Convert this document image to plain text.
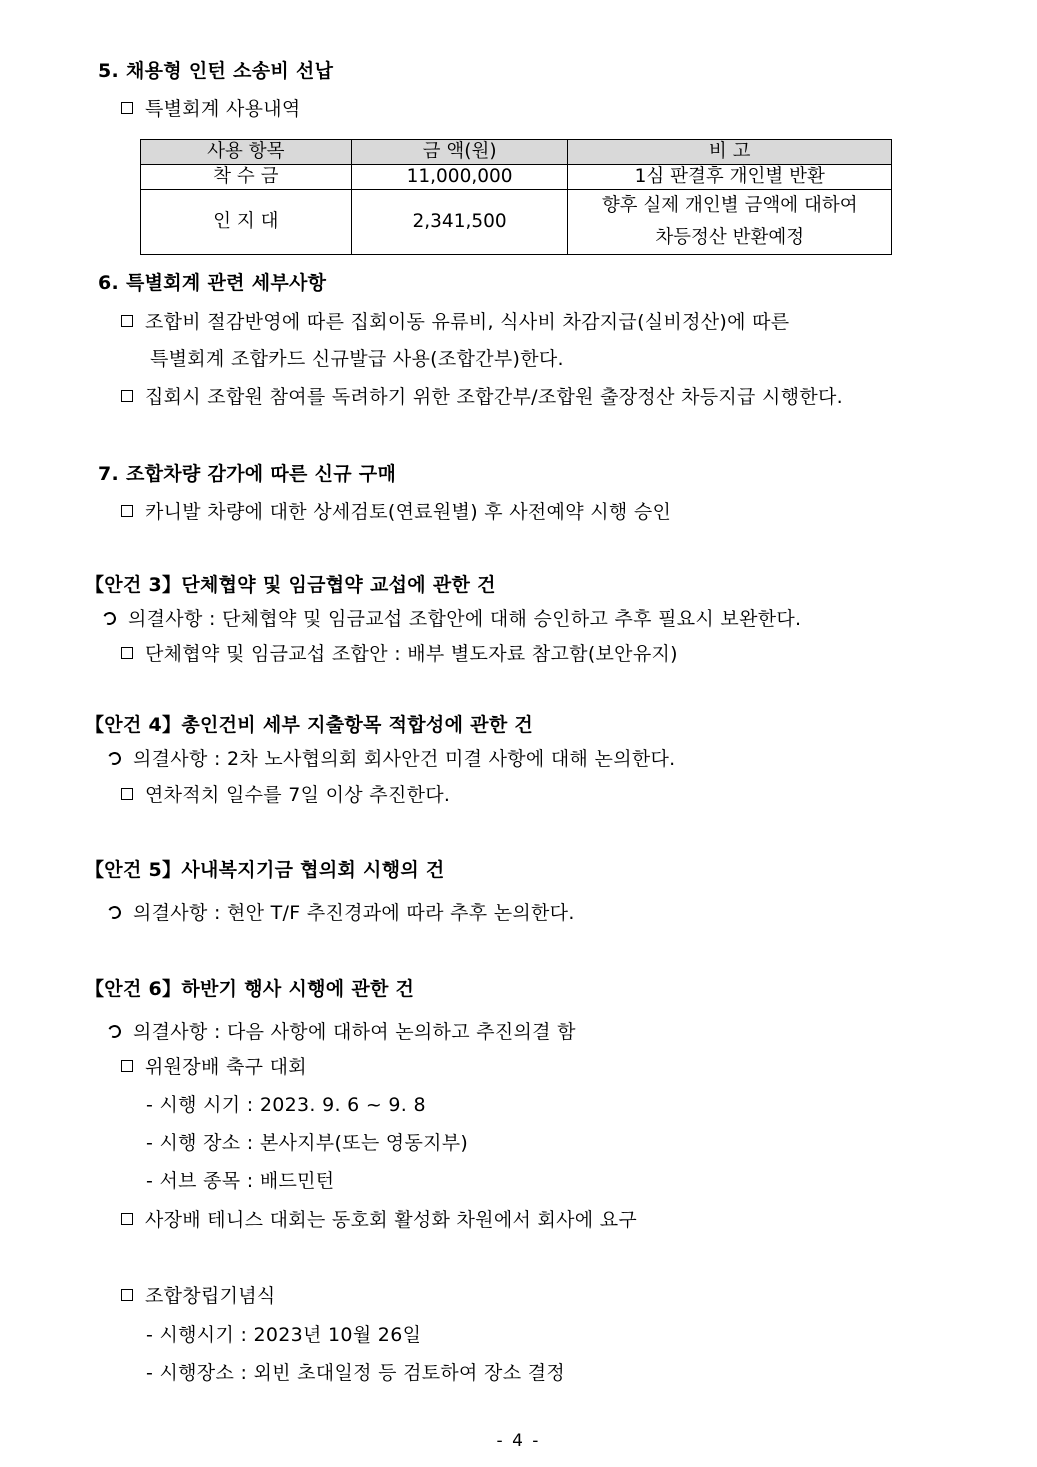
5. 채용형 인턴 소송비 선납
특별회계 사용내역
사용 항목	금 액(원)	비 고
착 수 금	11,000,000	1심 판결후 개인별 반환
인 지 대	2,341,500	향후 실제 개인별 금액에 대하여
차등정산 반환예정
6. 특별회계 관련 세부사항
조합비 절감반영에 따른 집회이동 유류비, 식사비 차감지급(실비정산)에 따른
특별회계 조합카드 신규발급 사용(조합간부)한다.
집회시 조합원 참여를 독려하기 위한 조합간부/조합원 출장정산 차등지급 시행한다.
7. 조합차량 감가에 따른 신규 구매
카니발 차량에 대한 상세검토(연료원별) 후 사전예약 시행 승인
【안건 3】단체협약 및 임금협약 교섭에 관한 건
의결사항 : 단체협약 및 임금교섭 조합안에 대해 승인하고 추후 필요시 보완한다.
단체협약 및 임금교섭 조합안 : 배부 별도자료 참고함(보안유지)
【안건 4】총인건비 세부 지출항목 적합성에 관한 건
의결사항 : 2차 노사협의회 회사안건 미결 사항에 대해 논의한다.
연차적치 일수를 7일 이상 추진한다.
【안건 5】사내복지기금 협의회 시행의 건
의결사항 : 현안 T/F 추진경과에 따라 추후 논의한다.
【안건 6】하반기 행사 시행에 관한 건
의결사항 : 다음 사항에 대하여 논의하고 추진의결 함
위원장배 축구 대회
- 시행 시기 : 2023. 9. 6 ~ 9. 8
- 시행 장소 : 본사지부(또는 영동지부)
- 서브 종목 : 배드민턴
사장배 테니스 대회는 동호회 활성화 차원에서 회사에 요구
조합창립기념식
- 시행시기 : 2023년 10월 26일
- 시행장소 : 외빈 초대일정 등 검토하여 장소 결정
- 4 -
